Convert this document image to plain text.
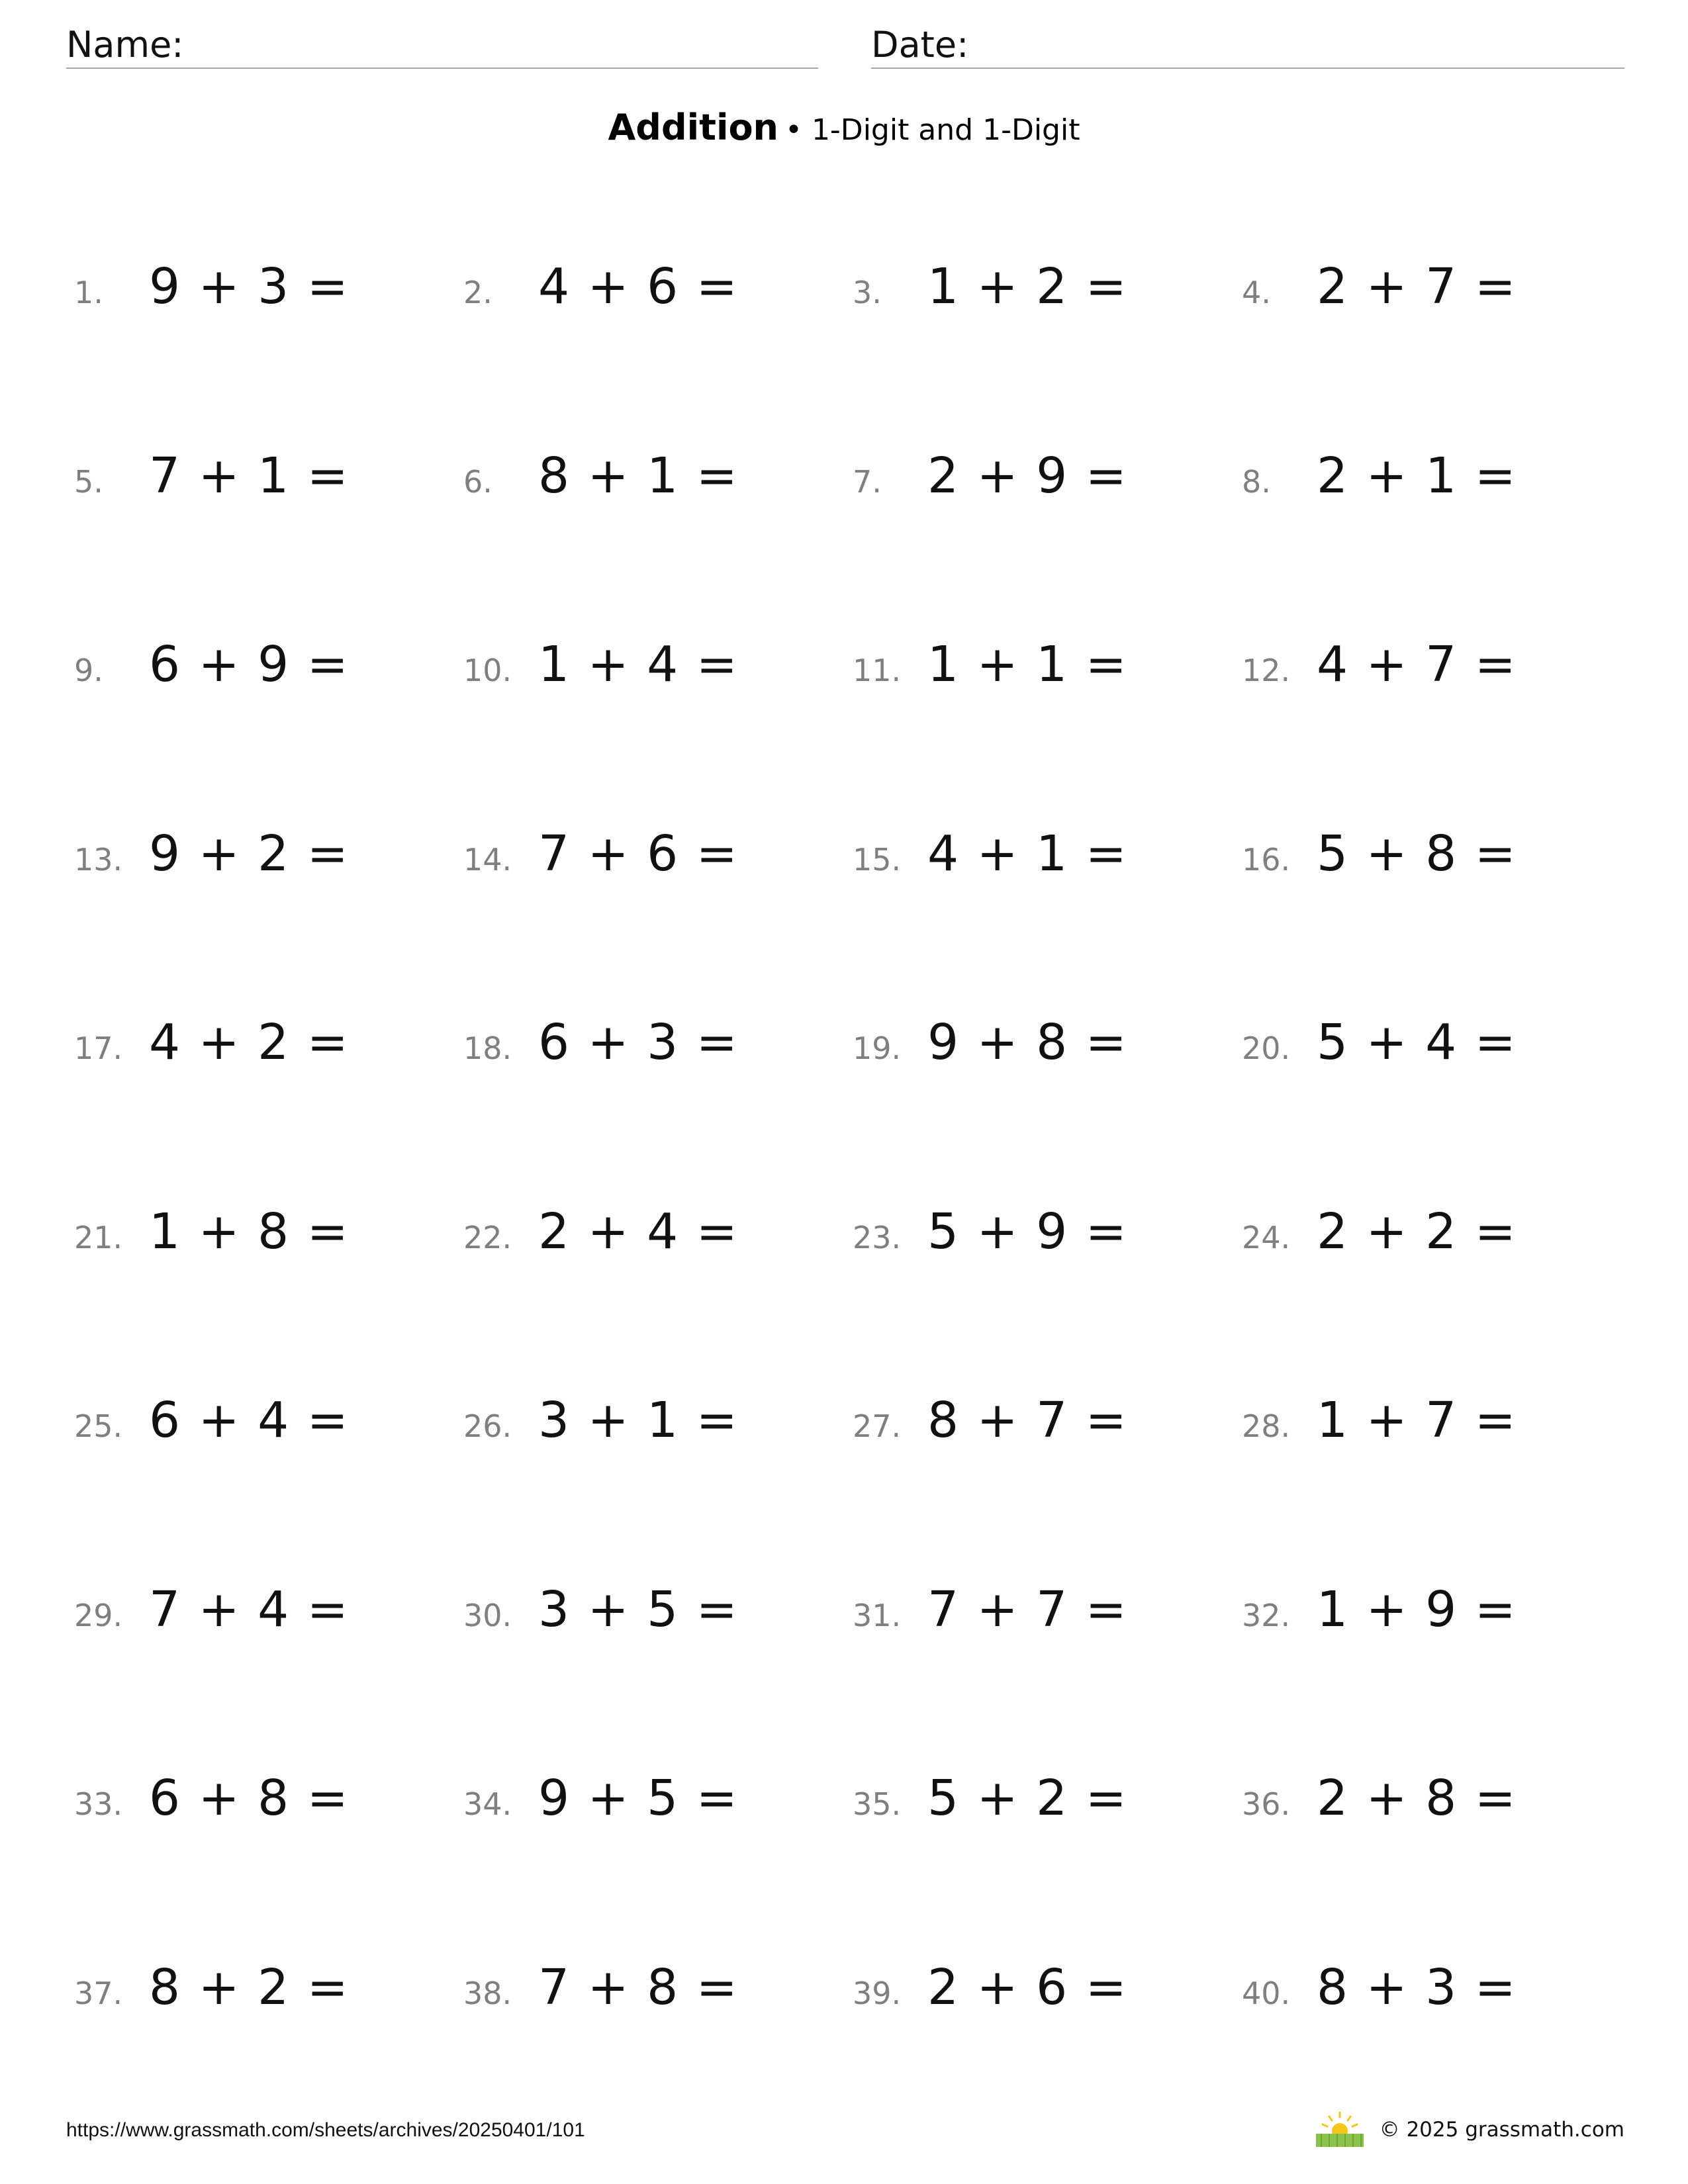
Name:	Date:
Addition • 1-Digit and 1-Digit
1. 9 + 3 =	2. 4 + 6 =	3. 1 + 2 =	4. 2 + 7 =
5. 7 + 1 =	6. 8 + 1 =	7. 2 + 9 =	8. 2 + 1 =
9. 6 + 9 =	10. 1 + 4 =	11. 1 + 1 =	12. 4 + 7 =
13. 9 + 2 =	14. 7 + 6 =	15. 4 + 1 =	16. 5 + 8 =
17. 4 + 2 =	18. 6 + 3 =	19. 9 + 8 =	20. 5 + 4 =
21. 1 + 8 =	22. 2 + 4 =	23. 5 + 9 =	24. 2 + 2 =
25. 6 + 4 =	26. 3 + 1 =	27. 8 + 7 =	28. 1 + 7 =
29. 7 + 4 =	30. 3 + 5 =	31. 7 + 7 =	32. 1 + 9 =
33. 6 + 8 =	34. 9 + 5 =	35. 5 + 2 =	36. 2 + 8 =
37. 8 + 2 =	38. 7 + 8 =	39. 2 + 6 =	40. 8 + 3 =
https://www.grassmath.com/sheets/archives/20250401/101	© 2025 grassmath.com
